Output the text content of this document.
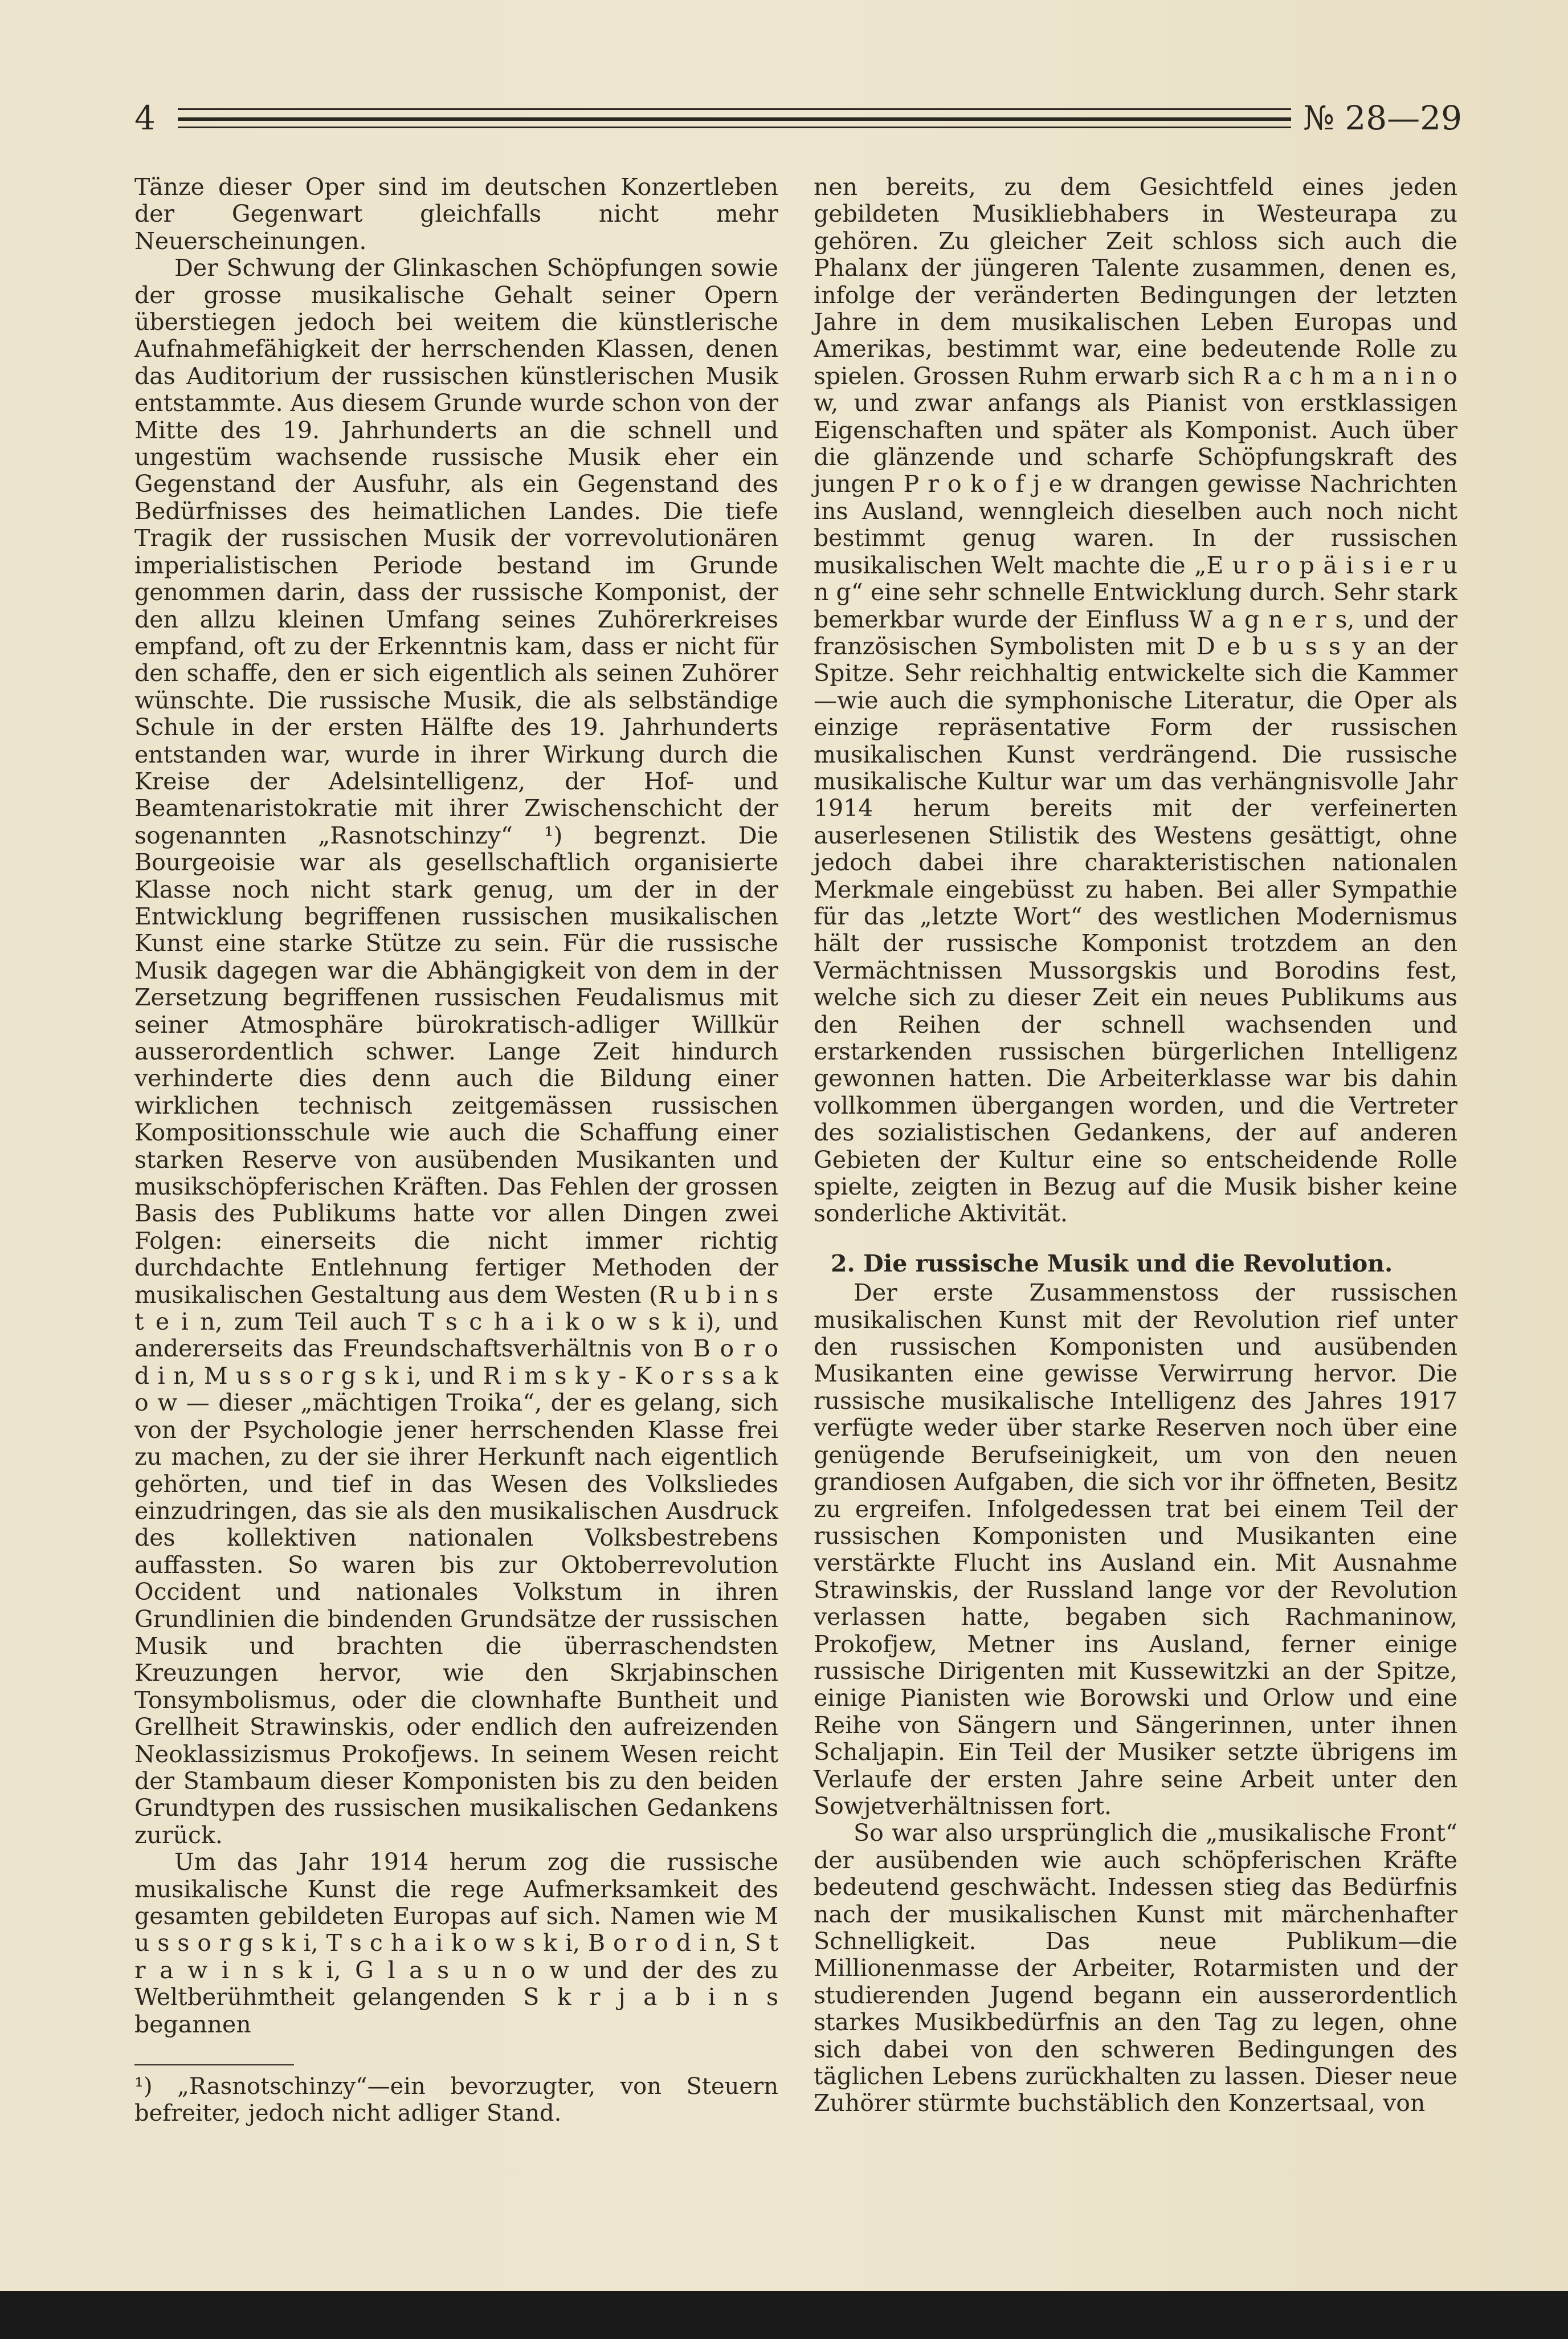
4	№ 28—29

Tänze dieser Oper sind im deutschen Konzertleben der Gegenwart gleichfalls nicht mehr Neuerscheinungen.

Der Schwung der Glinkaschen Schöpfungen sowie der grosse musikalische Gehalt seiner Opern überstiegen jedoch bei weitem die künstlerische Aufnahmefähigkeit der herrschenden Klassen, denen das Auditorium der russischen künstlerischen Musik entstammte. Aus diesem Grunde wurde schon von der Mitte des 19. Jahrhunderts an die schnell und ungestüm wachsende russische Musik eher ein Gegenstand der Ausfuhr, als ein Gegenstand des Bedürfnisses des heimatlichen Landes. Die tiefe Tragik der russischen Musik der vorrevolutionären imperialistischen Periode bestand im Grunde genommen darin, dass der russische Komponist, der den allzu kleinen Umfang seines Zuhörerkreises empfand, oft zu der Erkenntnis kam, dass er nicht für den schaffe, den er sich eigentlich als seinen Zuhörer wünschte. Die russische Musik, die als selbständige Schule in der ersten Hälfte des 19. Jahrhunderts entstanden war, wurde in ihrer Wirkung durch die Kreise der Adelsintelligenz, der Hof- und Beamtenaristokratie mit ihrer Zwischenschicht der sogenannten „Rasnotschinzy“ ¹) begrenzt. Die Bourgeoisie war als gesellschaftlich organisierte Klasse noch nicht stark genug, um der in der Entwicklung begriffenen russischen musikalischen Kunst eine starke Stütze zu sein. Für die russische Musik dagegen war die Abhängigkeit von dem in der Zersetzung begriffenen russischen Feudalismus mit seiner Atmosphäre bürokratisch-adliger Willkür ausserordentlich schwer. Lange Zeit hindurch verhinderte dies denn auch die Bildung einer wirklichen technisch zeitgemässen russischen Kompositionsschule wie auch die Schaffung einer starken Reserve von ausübenden Musikanten und musikschöpferischen Kräften. Das Fehlen der grossen Basis des Publikums hatte vor allen Dingen zwei Folgen: einerseits die nicht immer richtig durchdachte Entlehnung fertiger Methoden der musikalischen Gestaltung aus dem Westen (R u b i n s t e i n, zum Teil auch T s c h a i k o w s k i), und andererseits das Freundschaftsverhältnis von B o r o d i n, M u s s o r g s k i, und R i m s k y - K o r s s a k o w — dieser „mächtigen Troika“, der es gelang, sich von der Psychologie jener herrschenden Klasse frei zu machen, zu der sie ihrer Herkunft nach eigentlich gehörten, und tief in das Wesen des Volksliedes einzudringen, das sie als den musikalischen Ausdruck des kollektiven nationalen Volksbestrebens auffassten. So waren bis zur Oktoberrevolution Occident und nationales Volkstum in ihren Grundlinien die bindenden Grundsätze der russischen Musik und brachten die überraschendsten Kreuzungen hervor, wie den Skrjabinschen Tonsymbolismus, oder die clownhafte Buntheit und Grellheit Strawinskis, oder endlich den aufreizenden Neoklassizismus Prokofjews. In seinem Wesen reicht der Stambaum dieser Komponisten bis zu den beiden Grundtypen des russischen musikalischen Gedankens zurück.

Um das Jahr 1914 herum zog die russische musikalische Kunst die rege Aufmerksamkeit des gesamten gebildeten Europas auf sich. Namen wie M u s s o r g s k i, T s c h a i k o w s k i, B o r o d i n, S t r a w i n s k i, G l a s u n o w und der des zu Weltberühmtheit gelangenden S k r j a b i n s begannen

¹) „Rasnotschinzy“—ein bevorzugter, von Steuern befreiter, jedoch nicht adliger Stand.

nen bereits, zu dem Gesichtfeld eines jeden gebildeten Musikliebhabers in Westeurapa zu gehören. Zu gleicher Zeit schloss sich auch die Phalanx der jüngeren Talente zusammen, denen es, infolge der veränderten Bedingungen der letzten Jahre in dem musikalischen Leben Europas und Amerikas, bestimmt war, eine bedeutende Rolle zu spielen. Grossen Ruhm erwarb sich R a c h m a n i n o w, und zwar anfangs als Pianist von erstklassigen Eigenschaften und später als Komponist. Auch über die glänzende und scharfe Schöpfungskraft des jungen P r o k o f j e w drangen gewisse Nachrichten ins Ausland, wenngleich dieselben auch noch nicht bestimmt genug waren. In der russischen musikalischen Welt machte die „E u r o p ä i s i e r u n g“ eine sehr schnelle Entwicklung durch. Sehr stark bemerkbar wurde der Einfluss W a g n e r s, und der französischen Symbolisten mit D e b u s s y an der Spitze. Sehr reichhaltig entwickelte sich die Kammer—wie auch die symphonische Literatur, die Oper als einzige repräsentative Form der russischen musikalischen Kunst verdrängend. Die russische musikalische Kultur war um das verhängnisvolle Jahr 1914 herum bereits mit der verfeinerten auserlesenen Stilistik des Westens gesättigt, ohne jedoch dabei ihre charakteristischen nationalen Merkmale eingebüsst zu haben. Bei aller Sympathie für das „letzte Wort“ des westlichen Modernismus hält der russische Komponist trotzdem an den Vermächtnissen Mussorgskis und Borodins fest, welche sich zu dieser Zeit ein neues Publikums aus den Reihen der schnell wachsenden und erstarkenden russischen bürgerlichen Intelligenz gewonnen hatten. Die Arbeiterklasse war bis dahin vollkommen übergangen worden, und die Vertreter des sozialistischen Gedankens, der auf anderen Gebieten der Kultur eine so entscheidende Rolle spielte, zeigten in Bezug auf die Musik bisher keine sonderliche Aktivität.

2. Die russische Musik und die Revolution.

Der erste Zusammenstoss der russischen musikalischen Kunst mit der Revolution rief unter den russischen Komponisten und ausübenden Musikanten eine gewisse Verwirrung hervor. Die russische musikalische Intelligenz des Jahres 1917 verfügte weder über starke Reserven noch über eine genügende Berufseinigkeit, um von den neuen grandiosen Aufgaben, die sich vor ihr öffneten, Besitz zu ergreifen. Infolgedessen trat bei einem Teil der russischen Komponisten und Musikanten eine verstärkte Flucht ins Ausland ein. Mit Ausnahme Strawinskis, der Russland lange vor der Revolution verlassen hatte, begaben sich Rachmaninow, Prokofjew, Metner ins Ausland, ferner einige russische Dirigenten mit Kussewitzki an der Spitze, einige Pianisten wie Borowski und Orlow und eine Reihe von Sängern und Sängerinnen, unter ihnen Schaljapin. Ein Teil der Musiker setzte übrigens im Verlaufe der ersten Jahre seine Arbeit unter den Sowjetverhältnissen fort.

So war also ursprünglich die „musikalische Front“ der ausübenden wie auch schöpferischen Kräfte bedeutend geschwächt. Indessen stieg das Bedürfnis nach der musikalischen Kunst mit märchenhafter Schnelligkeit. Das neue Publikum—die Millionenmasse der Arbeiter, Rotarmisten und der studierenden Jugend begann ein ausserordentlich starkes Musikbedürfnis an den Tag zu legen, ohne sich dabei von den schweren Bedingungen des täglichen Lebens zurückhalten zu lassen. Dieser neue Zuhörer stürmte buchstäblich den Konzertsaal, von
